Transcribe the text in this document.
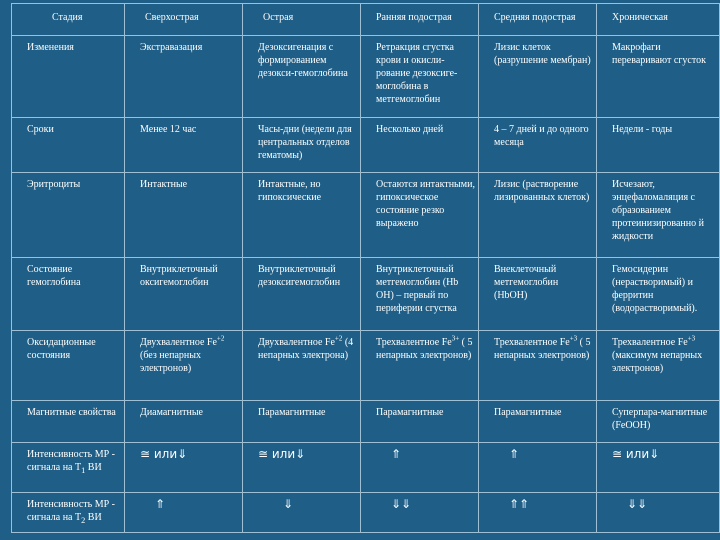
Стадия	Сверхострая	Острая	Ранняя подострая	Средняя подострая	Хроническая
Изменения	Экстравазация	Дезоксигенация с формированием дезокси-гемоглобина	Ретракция сгустка крови и окисли-рование дезоксиге-моглобина в метгемоглобин	Лизис клеток (разрушение мембран)	Макрофаги переваривают сгусток
Сроки	Менее 12 час	Часы-дни (недели для центральных отделов гематомы)	Несколько дней	4 – 7 дней и до одного месяца	Недели - годы
Эритроциты	Интактные	Интактные, но гипоксические	Остаются интактными, гипоксическое состояние резко выражено	Лизис (растворение лизированных клеток)	Исчезают, энцефаломаляция с образованием протеинизированно й жидкости
Состояние гемоглобина	Внутриклеточный оксигемоглобин	Внутриклеточный дезоксигемоглобин	Внутриклеточный метгемоглобин (Hb OH) – первый по периферии сгустка	Внеклеточный метгемоглобин (HbOH)	Гемосидерин (нерастворимый) и ферритин (водорастворимый).
Оксидационные состояния	Двухвалентное $Fe^{+2}$ (без непарных электронов)	Двухвалентное $Fe^{+2}$ (4 непарных электрона)	Трехвалентное $Fe^{3+}$ ( 5 непарных электронов)	Трехвалентное $Fe^{+3}$ ( 5 непарных электронов)	Трехвалентное $Fe^{+3}$ (максимум непарных электронов)
Магнитные свойства	Диамагнитные	Парамагнитные	Парамагнитные	Парамагнитные	Суперпара-магнитные (FeOOH)
Интенсивность МР - сигнала на $T_1$ ВИ	≅ или⇓	≅ или⇓	⇑	⇑	≅ или⇓
Интенсивность МР - сигнала на $T_2$ ВИ	⇑	⇓	⇓⇓	⇑⇑	⇓⇓
